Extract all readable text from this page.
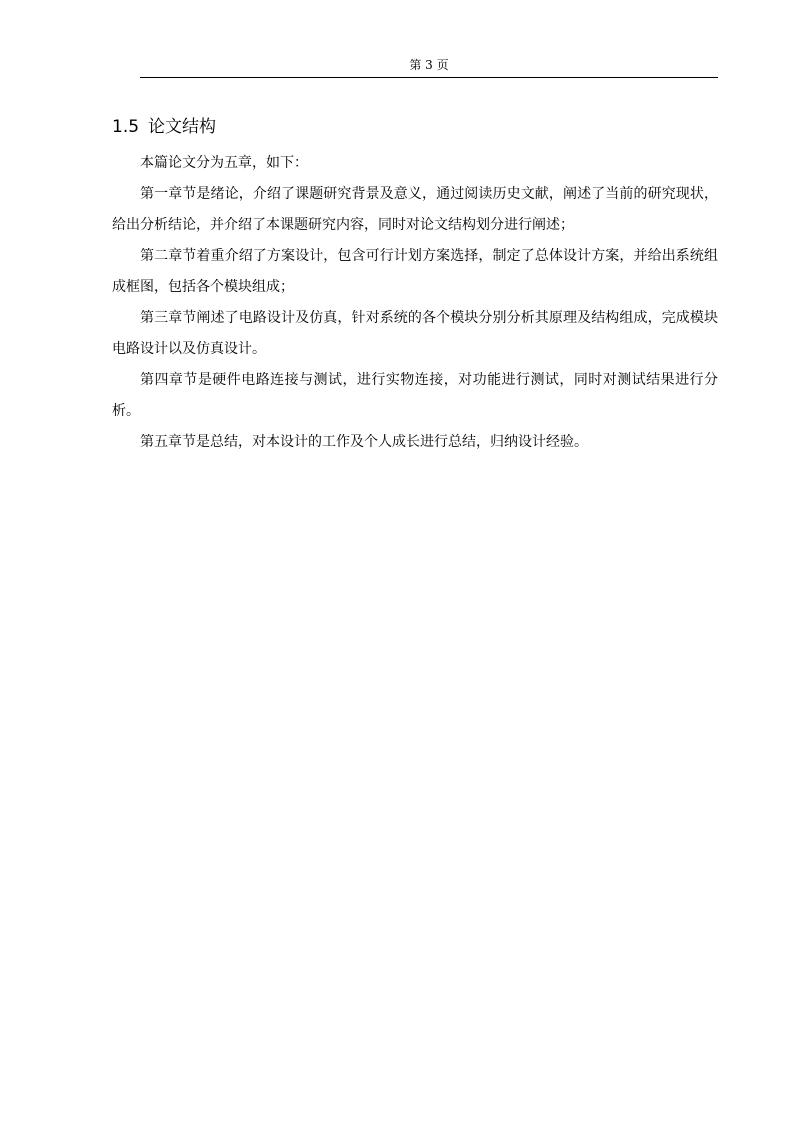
第 3 页
1.5 论文结构

本篇论文分为五章，如下：

第一章节是绪论，介绍了课题研究背景及意义，通过阅读历史文献，阐述了当前的研究现状，给出分析结论，并介绍了本课题研究内容，同时对论文结构划分进行阐述；

第二章节着重介绍了方案设计，包含可行计划方案选择，制定了总体设计方案，并给出系统组成框图，包括各个模块组成；

第三章节阐述了电路设计及仿真，针对系统的各个模块分别分析其原理及结构组成，完成模块电路设计以及仿真设计。

第四章节是硬件电路连接与测试，进行实物连接，对功能进行测试，同时对测试结果进行分析。

第五章节是总结，对本设计的工作及个人成长进行总结，归纳设计经验。
